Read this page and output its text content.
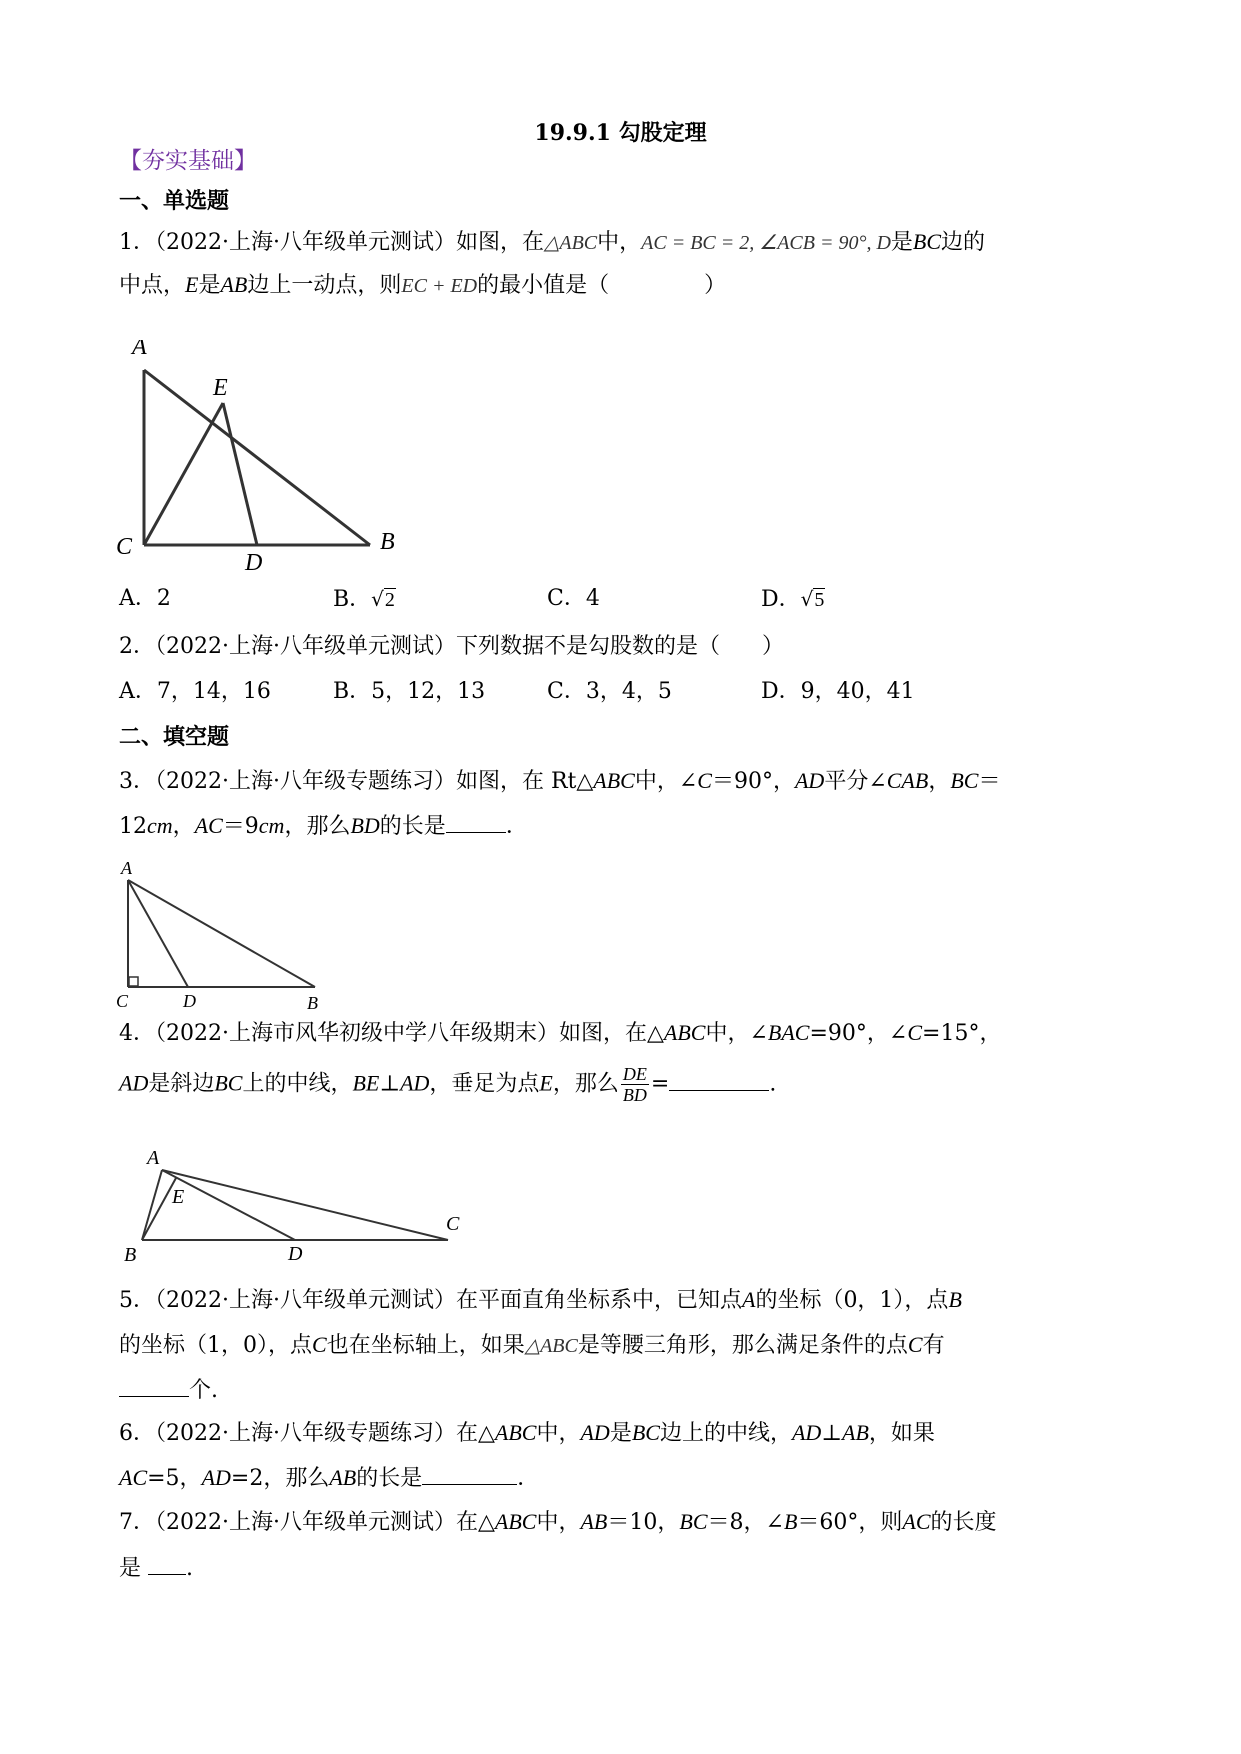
19.9.1 勾股定理
【夯实基础】
一、单选题
1．（2022·上海·八年级单元测试）如图，在△ABC中，AC = BC = 2, ∠ACB = 90°, D是BC边的
中点，E是AB边上一动点，则EC + ED的最小值是（	）
A
E
C
D
B
A．2	B．√2	C．4	D．√5
2．（2022·上海·八年级单元测试）下列数据不是勾股数的是（ ）
A．7，14，16	B．5，12，13	C．3，4，5	D．9，40，41
二、填空题
3．（2022·上海·八年级专题练习）如图，在 Rt△ABC中，∠C＝90°，AD平分∠CAB，BC＝
12cm，AC＝9cm，那么BD的长是	．
A
C	D	B
4．（2022·上海市风华初级中学八年级期末）如图，在△ABC中，∠BAC=90°，∠C=15°，
AD是斜边BC上的中线，BE⊥AD，垂足为点E，那么 $\frac{DE}{BD}$ =	.
A
E
B	D
C
5．（2022·上海·八年级单元测试）在平面直角坐标系中，已知点A的坐标（0，1），点B
的坐标（1，0），点C也在坐标轴上，如果△ABC是等腰三角形，那么满足条件的点C有
个.
6．（2022·上海·八年级专题练习）在△ABC中，AD是BC边上的中线，AD⊥AB，如果
AC=5，AD=2，那么AB的长是	．
7．（2022·上海·八年级单元测试）在△ABC中，AB＝10，BC＝8，∠B＝60°，则AC的长度
是 .
